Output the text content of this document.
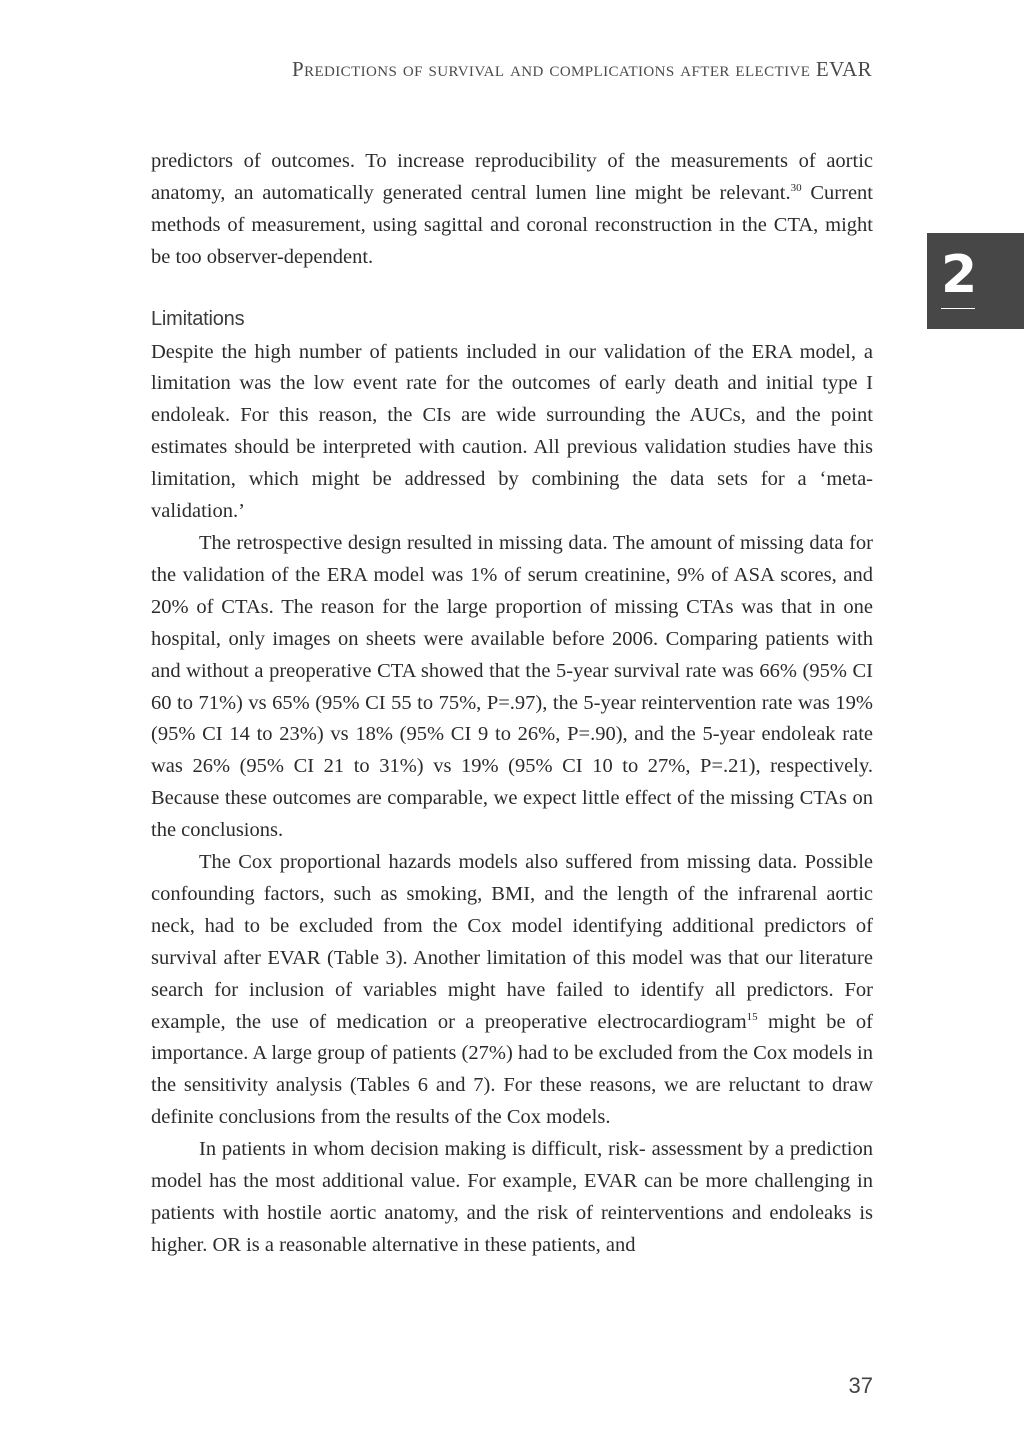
Predictions of survival and complications after elective EVAR
2

predictors of outcomes. To increase reproducibility of the measurements of aortic anatomy, an automatically generated central lumen line might be relevant.$^{30}$ Current methods of measurement, using sagittal and coronal reconstruction in the CTA, might be too observer-dependent.

Limitations

Despite the high number of patients included in our validation of the ERA model, a limitation was the low event rate for the outcomes of early death and initial type I endoleak. For this reason, the CIs are wide surrounding the AUCs, and the point estimates should be interpreted with caution. All previous validation studies have this limitation, which might be addressed by combining the data sets for a ‘meta-validation.’

The retrospective design resulted in missing data. The amount of missing data for the validation of the ERA model was 1% of serum creatinine, 9% of ASA scores, and 20% of CTAs. The reason for the large proportion of missing CTAs was that in one hospital, only images on sheets were available before 2006. Comparing patients with and without a preoperative CTA showed that the 5-year survival rate was 66% (95% CI 60 to 71%) vs 65% (95% CI 55 to 75%, P=.97), the 5-year reintervention rate was 19% (95% CI 14 to 23%) vs 18% (95% CI 9 to 26%, P=.90), and the 5-year endoleak rate was 26% (95% CI 21 to 31%) vs 19% (95% CI 10 to 27%, P=.21), respectively. Because these outcomes are comparable, we expect little effect of the missing CTAs on the conclusions.

The Cox proportional hazards models also suffered from missing data. Possible confounding factors, such as smoking, BMI, and the length of the infrarenal aortic neck, had to be excluded from the Cox model identifying additional predictors of survival after EVAR (Table 3). Another limitation of this model was that our literature search for inclusion of variables might have failed to identify all predictors. For example, the use of medication or a preoperative electrocardiogram$^{15}$ might be of importance. A large group of patients (27%) had to be excluded from the Cox models in the sensitivity analysis (Tables 6 and 7). For these reasons, we are reluctant to draw definite conclusions from the results of the Cox models.

In patients in whom decision making is difficult, risk- assessment by a prediction model has the most additional value. For example, EVAR can be more challenging in patients with hostile aortic anatomy, and the risk of reinterventions and endoleaks is higher. OR is a reasonable alternative in these patients, and

37
